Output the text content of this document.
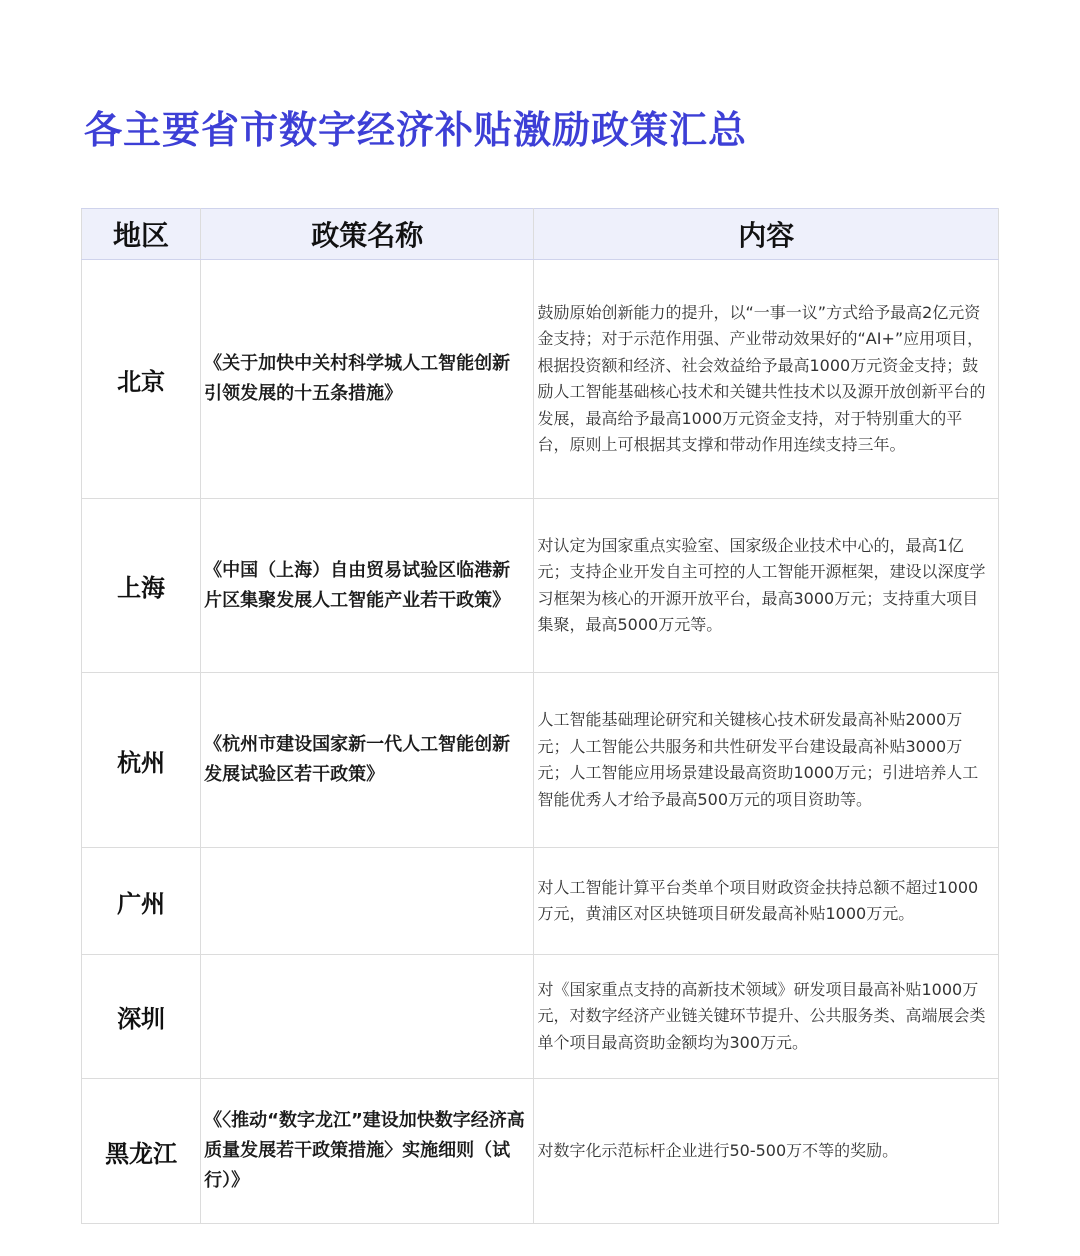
各主要省市数字经济补贴激励政策汇总
地区	政策名称	内容
北京	《关于加快中关村科学城人工智能创新引领发展的十五条措施》	鼓励原始创新能力的提升，以“一事一议”方式给予最高2亿元资金支持；对于示范作用强、产业带动效果好的“AI+”应用项目，根据投资额和经济、社会效益给予最高1000万元资金支持；鼓励人工智能基础核心技术和关键共性技术以及源开放创新平台的发展，最高给予最高1000万元资金支持，对于特别重大的平台，原则上可根据其支撑和带动作用连续支持三年。
上海	《中国（上海）自由贸易试验区临港新片区集聚发展人工智能产业若干政策》	对认定为国家重点实验室、国家级企业技术中心的，最高1亿元；支持企业开发自主可控的人工智能开源框架，建设以深度学习框架为核心的开源开放平台，最高3000万元；支持重大项目集聚，最高5000万元等。
杭州	《杭州市建设国家新一代人工智能创新发展试验区若干政策》	人工智能基础理论研究和关键核心技术研发最高补贴2000万元；人工智能公共服务和共性研发平台建设最高补贴3000万元；人工智能应用场景建设最高资助1000万元；引进培养人工智能优秀人才给予最高500万元的项目资助等。
广州		对人工智能计算平台类单个项目财政资金扶持总额不超过1000万元，黄浦区对区块链项目研发最高补贴1000万元。
深圳		对《国家重点支持的高新技术领域》研发项目最高补贴1000万元，对数字经济产业链关键环节提升、公共服务类、高端展会类单个项目最高资助金额均为300万元。
黑龙江	《〈推动“数字龙江”建设加快数字经济高质量发展若干政策措施〉实施细则（试行）》	对数字化示范标杆企业进行50-500万不等的奖励。
